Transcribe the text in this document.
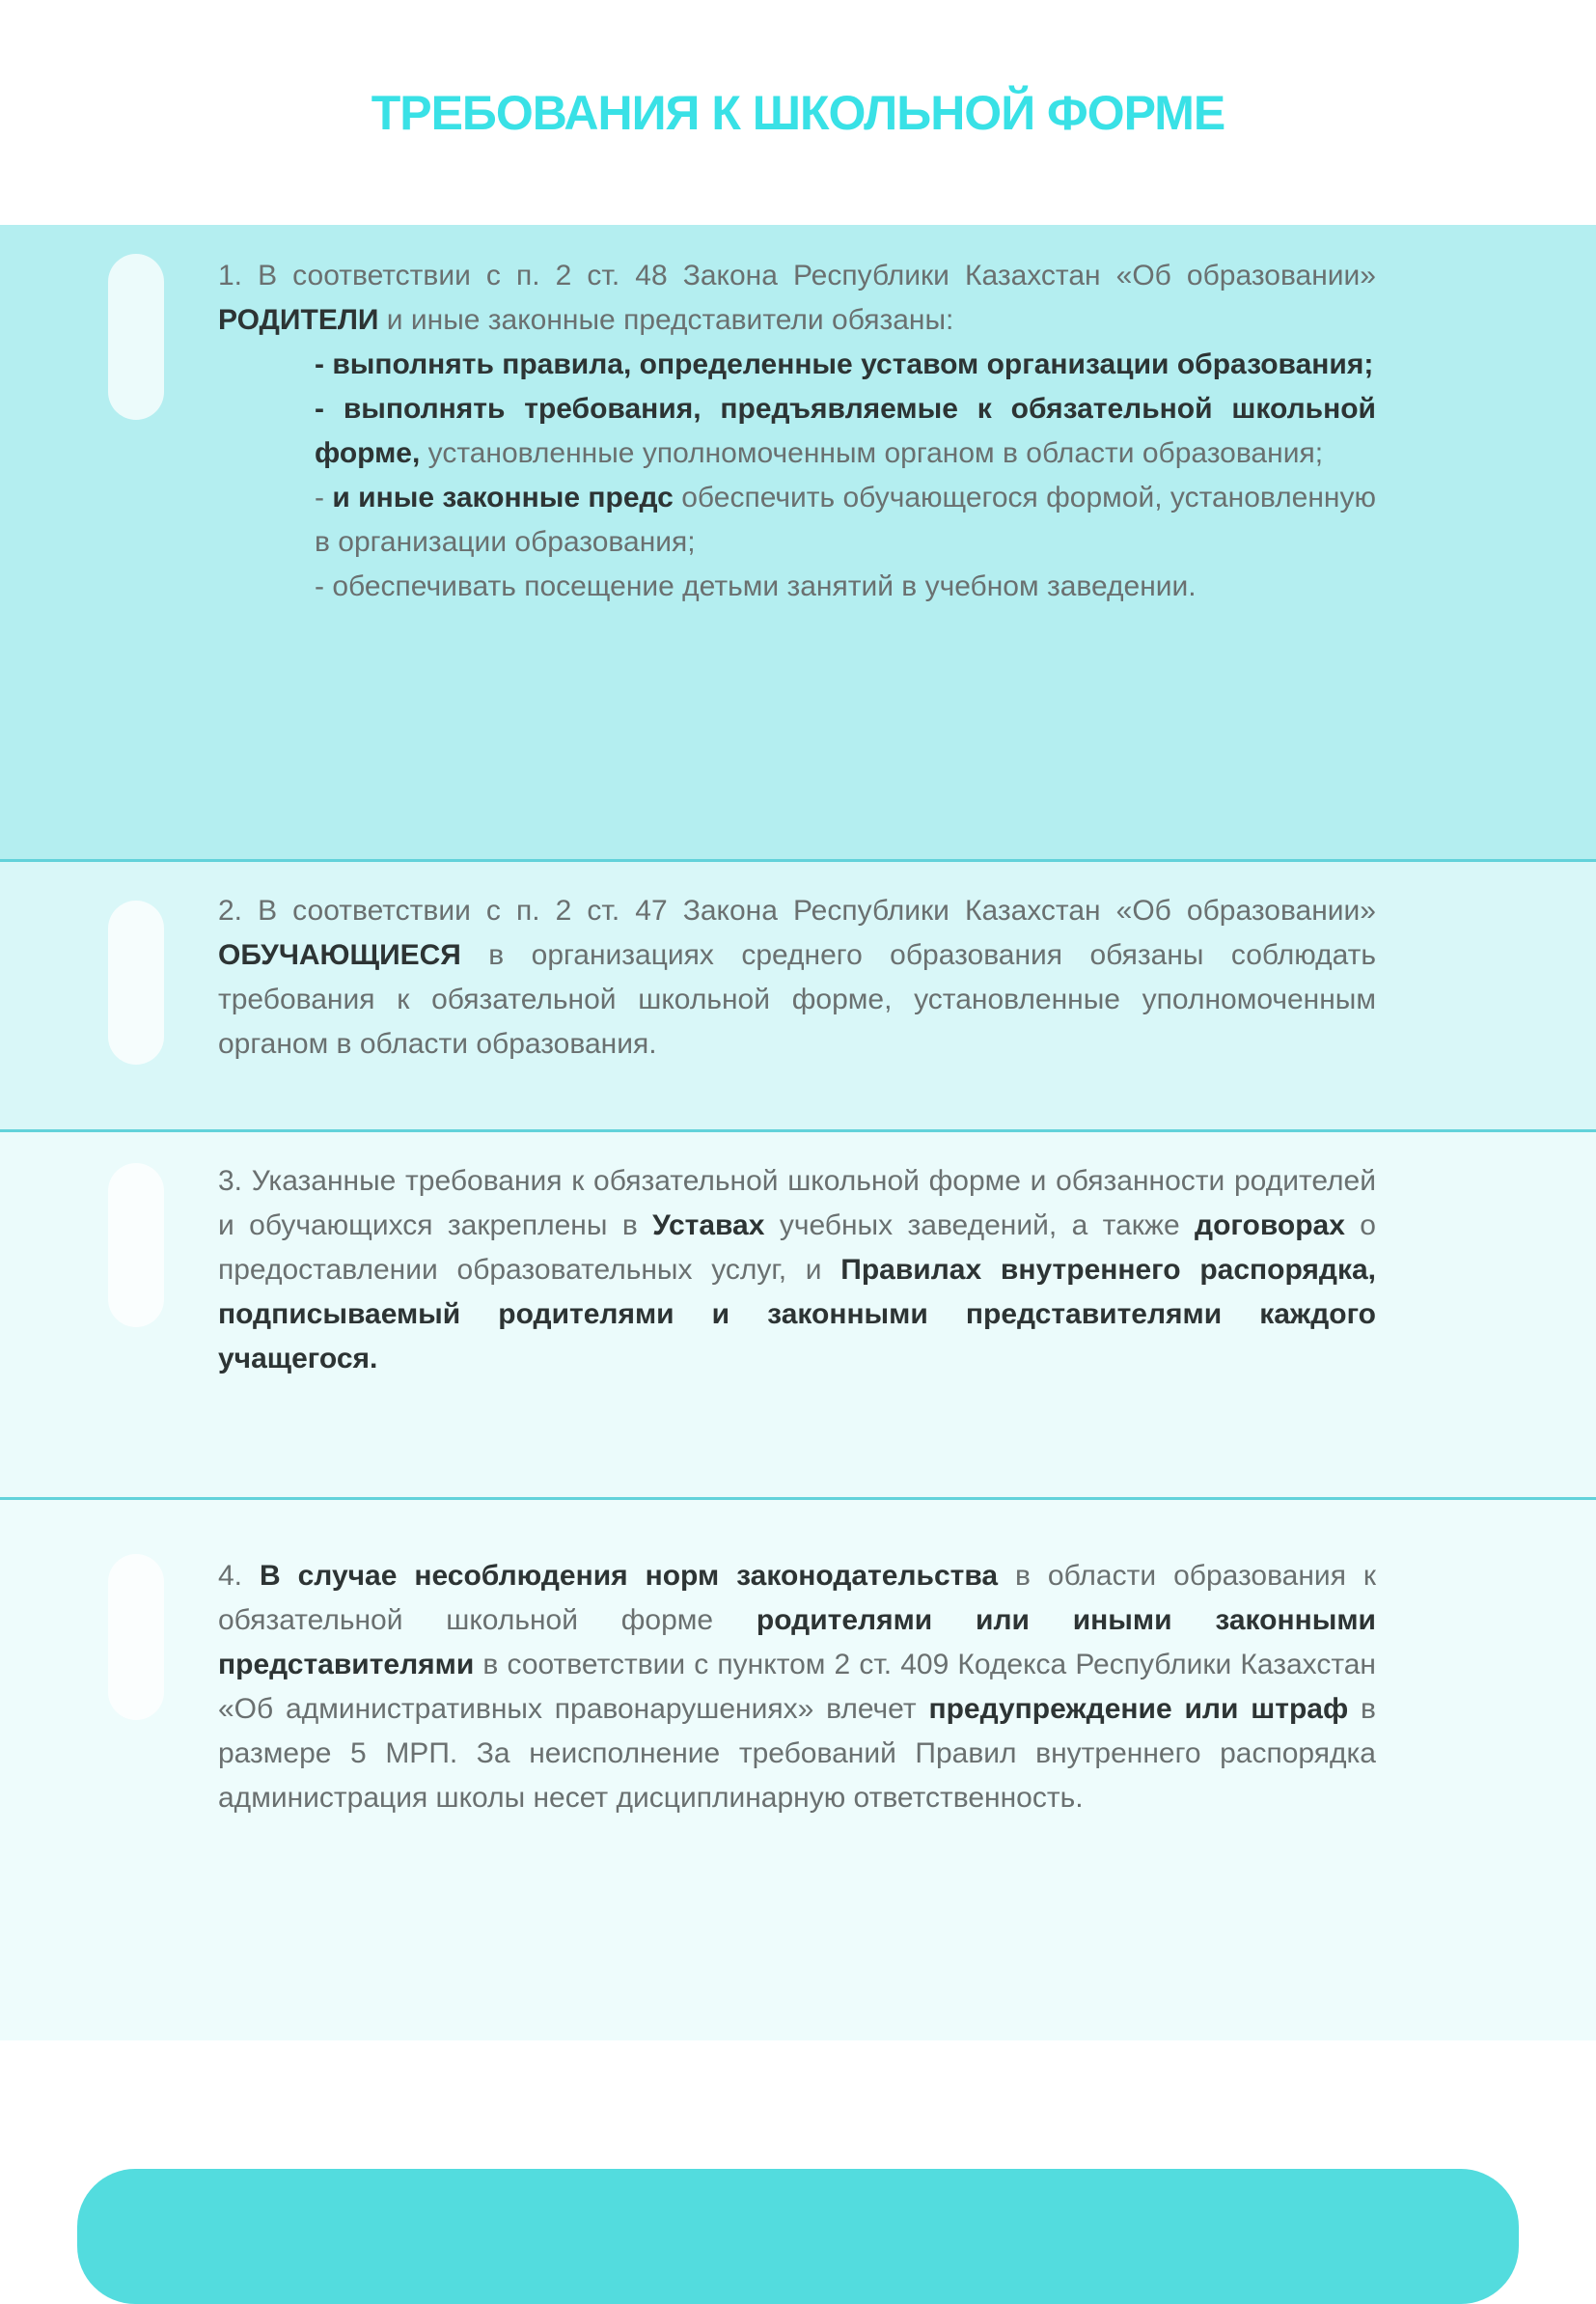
ТРЕБОВАНИЯ К ШКОЛЬНОЙ ФОРМЕ

1. В соответствии с п. 2 ст. 48 Закона Республики Казахстан «Об образовании» РОДИТЕЛИ и иные законные представители обязаны:

- выполнять правила, определенные уставом организации образования;

- выполнять требования, предъявляемые к обязательной школьной форме, установленные уполномоченным органом в области образования;

- и иные законные предс обеспечить обучающегося формой, установленную в организации образования;

- обеспечивать посещение детьми занятий в учебном заведении.

2. В соответствии с п. 2 ст. 47 Закона Республики Казахстан «Об образовании» ОБУЧАЮЩИЕСЯ в организациях среднего образования обязаны соблюдать требования к обязательной школьной форме, установленные уполномоченным органом в области образования.

3. Указанные требования к обязательной школьной форме и обязанности родителей и обучающихся закреплены в Уставах учебных заведений, а также договорах о предоставлении образовательных услуг, и Правилах внутреннего распорядка, подписываемый родителями и законными представителями каждого учащегося.

4. В случае несоблюдения норм законодательства в области образования к обязательной школьной форме родителями или иными законными представителями в соответствии с пунктом 2 ст. 409 Кодекса Республики Казахстан «Об административных правонарушениях» влечет предупреждение или штраф в размере 5 МРП. За неисполнение требований Правил внутреннего распорядка администрация школы несет дисциплинарную ответственность.
